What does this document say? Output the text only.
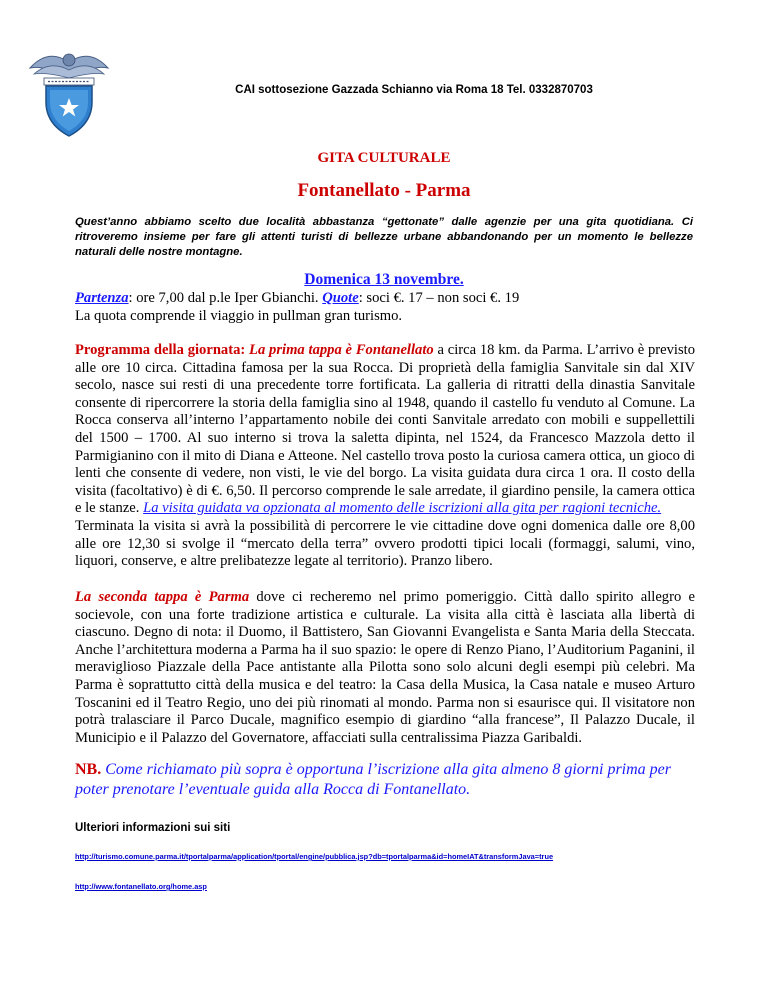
CAI sottosezione Gazzada Schianno via Roma 18 Tel. 0332870703
GITA CULTURALE
Fontanellato - Parma
Quest’anno abbiamo scelto due località abbastanza “gettonate” dalle agenzie per una gita quotidiana. Ci ritroveremo insieme per fare gli attenti turisti di bellezze urbane abbandonando per un momento le bellezze naturali delle nostre montagne.
Domenica 13 novembre.
Partenza: ore 7,00 dal p.le Iper Gbianchi. Quote: soci €. 17 – non soci €. 19
La quota comprende il viaggio in pullman gran turismo.
Programma della giornata: La prima tappa è Fontanellato a circa 18 km. da Parma. L’arrivo è previsto alle ore 10 circa. Cittadina famosa per la sua Rocca. Di proprietà della famiglia Sanvitale sin dal XIV secolo, nasce sui resti di una precedente torre fortificata. La galleria di ritratti della dinastia Sanvitale consente di ripercorrere la storia della famiglia sino al 1948, quando il castello fu venduto al Comune. La Rocca conserva all’interno l’appartamento nobile dei conti Sanvitale arredato con mobili e suppellettili del 1500 – 1700. Al suo interno si trova la saletta dipinta, nel 1524, da Francesco Mazzola detto il Parmigianino con il mito di Diana e Atteone. Nel castello trova posto la curiosa camera ottica, un gioco di lenti che consente di vedere, non visti, le vie del borgo. La visita guidata dura circa 1 ora. Il costo della visita (facoltativo) è di €. 6,50. Il percorso comprende le sale arredate, il giardino pensile, la camera ottica e le stanze. La visita guidata va opzionata al momento delle iscrizioni alla gita per ragioni tecniche.
Terminata la visita si avrà la possibilità di percorrere le vie cittadine dove ogni domenica dalle ore 8,00 alle ore 12,30 si svolge il “mercato della terra” ovvero prodotti tipici locali (formaggi, salumi, vino, liquori, conserve, e altre prelibatezze legate al territorio). Pranzo libero.
La seconda tappa è Parma dove ci recheremo nel primo pomeriggio. Città dallo spirito allegro e socievole, con una forte tradizione artistica e culturale. La visita alla città è lasciata alla libertà di ciascuno. Degno di nota: il Duomo, il Battistero, San Giovanni Evangelista e Santa Maria della Steccata. Anche l’architettura moderna a Parma ha il suo spazio: le opere di Renzo Piano, l’Auditorium Paganini, il meraviglioso Piazzale della Pace antistante alla Pilotta sono solo alcuni degli esempi più celebri. Ma Parma è soprattutto città della musica e del teatro: la Casa della Musica, la Casa natale e museo Arturo Toscanini ed il Teatro Regio, uno dei più rinomati al mondo. Parma non si esaurisce qui. Il visitatore non potrà tralasciare il Parco Ducale, magnifico esempio di giardino “alla francese”, Il Palazzo Ducale, il Municipio e il Palazzo del Governatore, affacciati sulla centralissima Piazza Garibaldi.
NB. Come richiamato più sopra è opportuna l’iscrizione alla gita almeno 8 giorni prima per poter prenotare l’eventuale guida alla Rocca di Fontanellato.
Ulteriori informazioni sui siti
http://turismo.comune.parma.it/tportalparma/application/tportal/engine/pubblica.jsp?db=tportalparma&id=homeIAT&transformJava=true
http://www.fontanellato.org/home.asp
